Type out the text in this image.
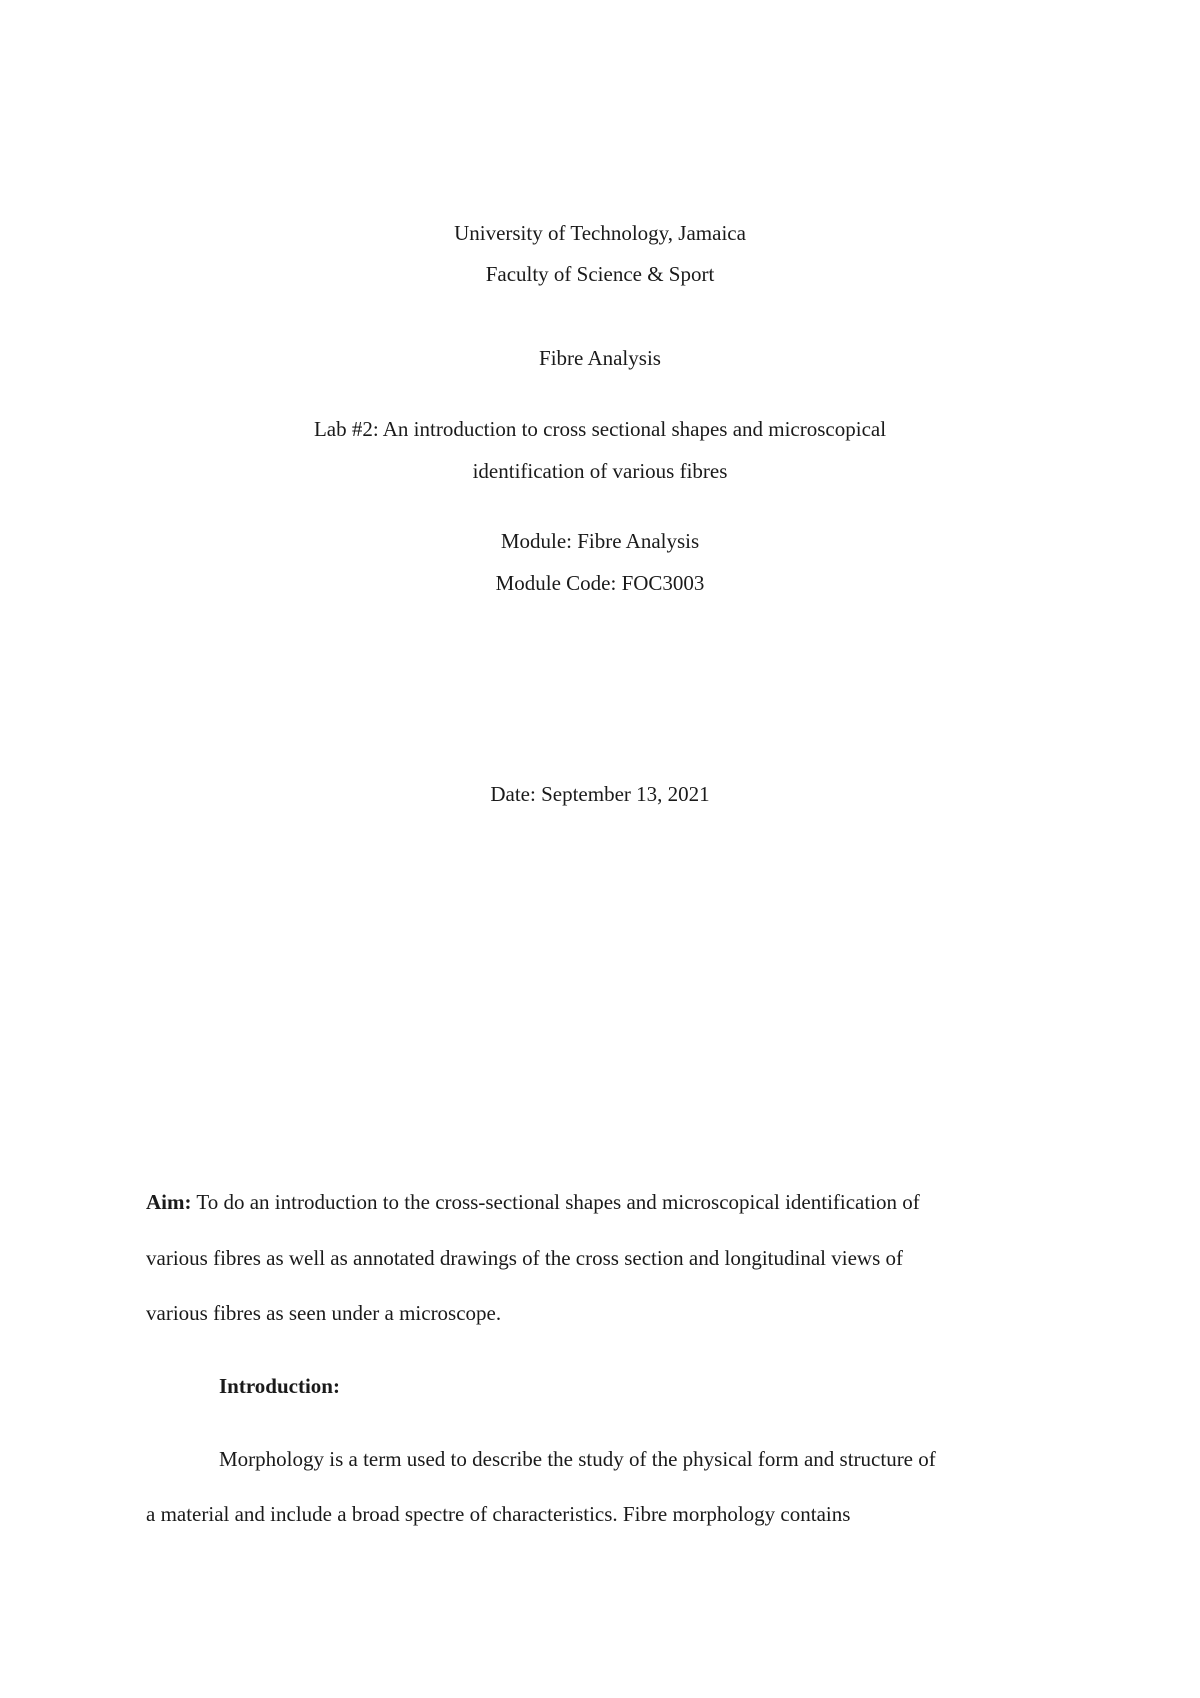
University of Technology, Jamaica
Faculty of Science & Sport
Fibre Analysis
Lab #2: An introduction to cross sectional shapes and microscopical
identification of various fibres
Module: Fibre Analysis
Module Code: FOC3003
Date: September 13, 2021
Aim: To do an introduction to the cross-sectional shapes and microscopical identification of
various fibres as well as annotated drawings of the cross section and longitudinal views of
various fibres as seen under a microscope.
Introduction:
Morphology is a term used to describe the study of the physical form and structure of
a material and include a broad spectre of characteristics. Fibre morphology contains
